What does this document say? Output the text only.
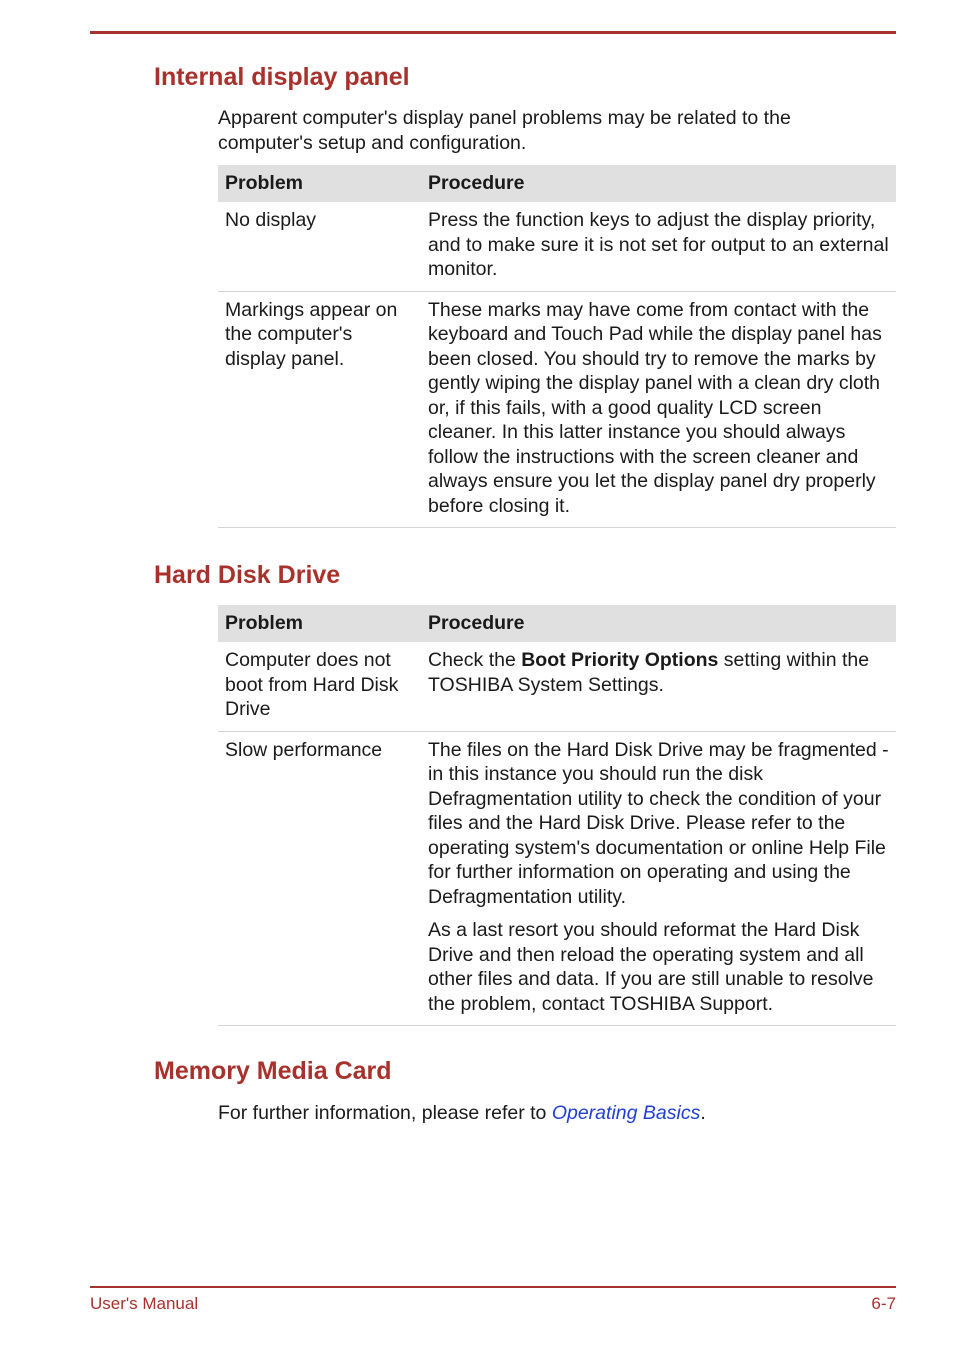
Internal display panel

Apparent computer's display panel problems may be related to the computer's setup and configuration.

Problem	Procedure
No display	Press the function keys to adjust the display priority, and to make sure it is not set for output to an external monitor.
Markings appear on the computer's display panel.	These marks may have come from contact with the keyboard and Touch Pad while the display panel has been closed. You should try to remove the marks by gently wiping the display panel with a clean dry cloth or, if this fails, with a good quality LCD screen cleaner. In this latter instance you should always follow the instructions with the screen cleaner and always ensure you let the display panel dry properly before closing it.
Hard Disk Drive
Problem	Procedure
Computer does not boot from Hard Disk Drive	Check the Boot Priority Options setting within the TOSHIBA System Settings.
Slow performance	The files on the Hard Disk Drive may be fragmented - in this instance you should run the disk Defragmentation utility to check the condition of your files and the Hard Disk Drive. Please refer to the operating system's documentation or online Help File for further information on operating and using the Defragmentation utility.

As a last resort you should reformat the Hard Disk Drive and then reload the operating system and all other files and data. If you are still unable to resolve the problem, contact TOSHIBA Support.

Memory Media Card

For further information, please refer to Operating Basics.

User's Manual	6-7
